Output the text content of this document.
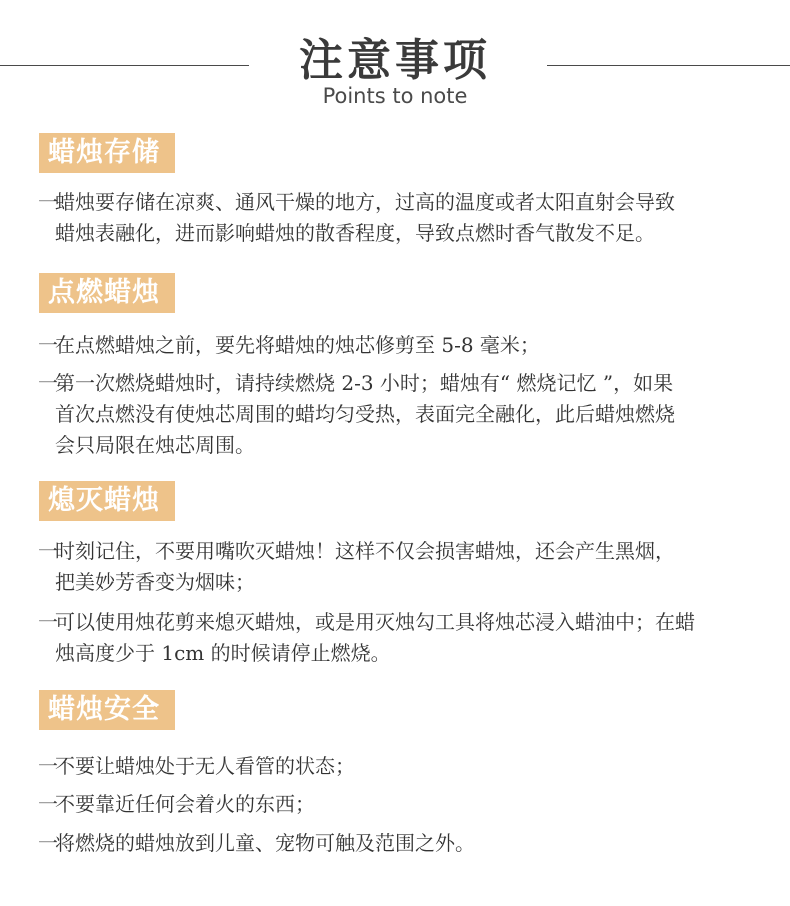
注意事项
Points to note
蜡烛存储
一
蜡烛要存储在凉爽、通风干燥的地方，过高的温度或者太阳直射会导致
蜡烛表融化，进而影响蜡烛的散香程度，导致点燃时香气散发不足。
点燃蜡烛
一
在点燃蜡烛之前，要先将蜡烛的烛芯修剪至 5-8 毫米；
一
第一次燃烧蜡烛时，请持续燃烧 2-3 小时；蜡烛有“ 燃烧记忆 ”，如果
首次点燃没有使烛芯周围的蜡均匀受热，表面完全融化，此后蜡烛燃烧
会只局限在烛芯周围。
熄灭蜡烛
一
时刻记住，不要用嘴吹灭蜡烛！这样不仅会损害蜡烛，还会产生黑烟，
把美妙芳香变为烟味；
一
可以使用烛花剪来熄灭蜡烛，或是用灭烛勾工具将烛芯浸入蜡油中；在蜡
烛高度少于 1cm 的时候请停止燃烧。
蜡烛安全
一
不要让蜡烛处于无人看管的状态；
一
不要靠近任何会着火的东西；
一
将燃烧的蜡烛放到儿童、宠物可触及范围之外。
